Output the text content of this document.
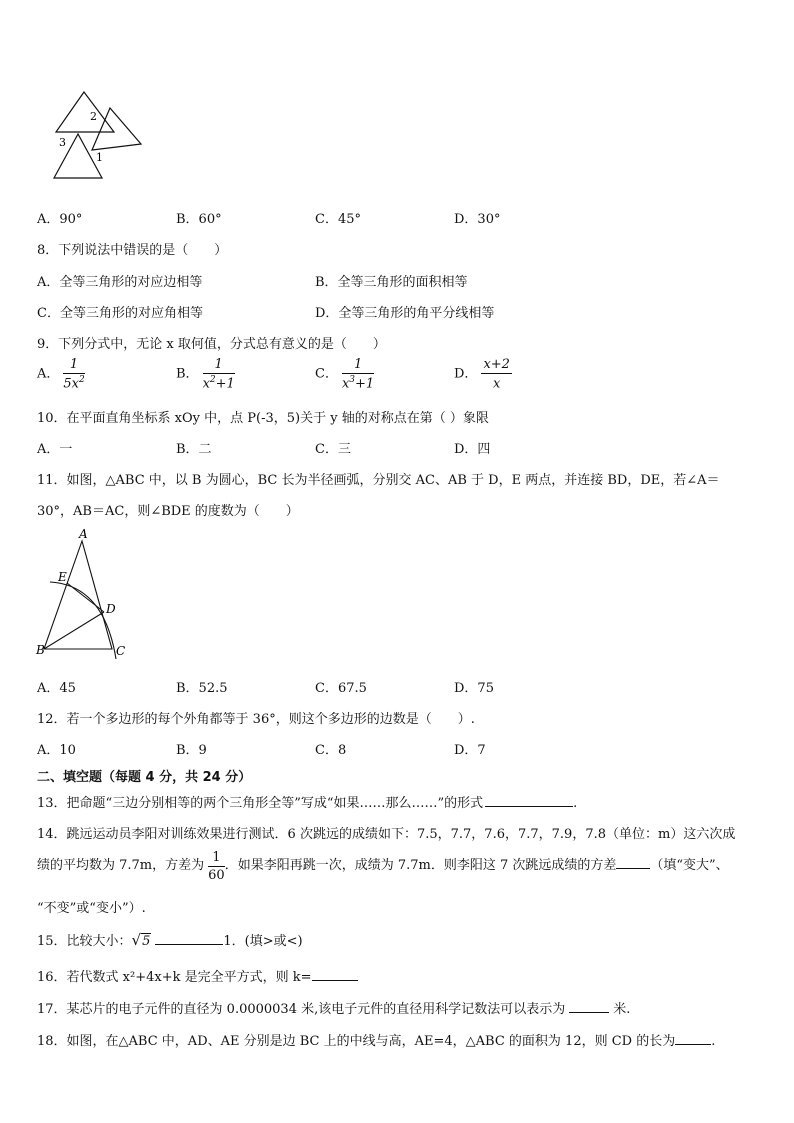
2
3
1
A．90°	B．60°	C．45°	D．30°
8．下列说法中错误的是（　　）
A．全等三角形的对应边相等	B．全等三角形的面积相等
C．全等三角形的对应角相等	D．全等三角形的角平分线相等
9．下列分式中，无论 x 取何值，分式总有意义的是（　　）
A． $\frac{1}{5x^2}$	B． $\frac{1}{x^2+1}$	C． $\frac{1}{x^3+1}$	D． $\frac{x+2}{x}$
10．在平面直角坐标系 xOy 中，点 P(-3，5)关于 y 轴的对称点在第（ ）象限
A．一	B．二	C．三	D．四
11．如图，△ABC 中，以 B 为圆心，BC 长为半径画弧，分别交 AC、AB 于 D，E 两点，并连接 BD，DE，若∠A＝
30°，AB＝AC，则∠BDE 的度数为（　　）
A
E
D
B	C
A．45	B．52.5	C．67.5	D．75
12．若一个多边形的每个外角都等于 36°，则这个多边形的边数是（　　）.
A．10	B．9	C．8	D．7
二、填空题（每题 4 分，共 24 分）
13．把命题“三边分别相等的两个三角形全等”写成“如果……那么……”的形式	.
14．跳远运动员李阳对训练效果进行测试．6 次跳远的成绩如下：7.5，7.7，7.6，7.7，7.9，7.8（单位：m）这六次成
绩的平均数为 7.7m，方差为 $\frac{1}{60}$ ．如果李阳再跳一次，成绩为 7.7m．则李阳这 7 次跳远成绩的方差	（填“变大”、
“不变”或“变小”）.
15．比较大小：√5	1．(填>或<)
16．若代数式 x²+4x+k 是完全平方式，则 k=
17．某芯片的电子元件的直径为 0.0000034 米,该电子元件的直径用科学记数法可以表示为	米.
18．如图，在△ABC 中，AD、AE 分别是边 BC 上的中线与高，AE=4，△ABC 的面积为 12，则 CD 的长为	.
